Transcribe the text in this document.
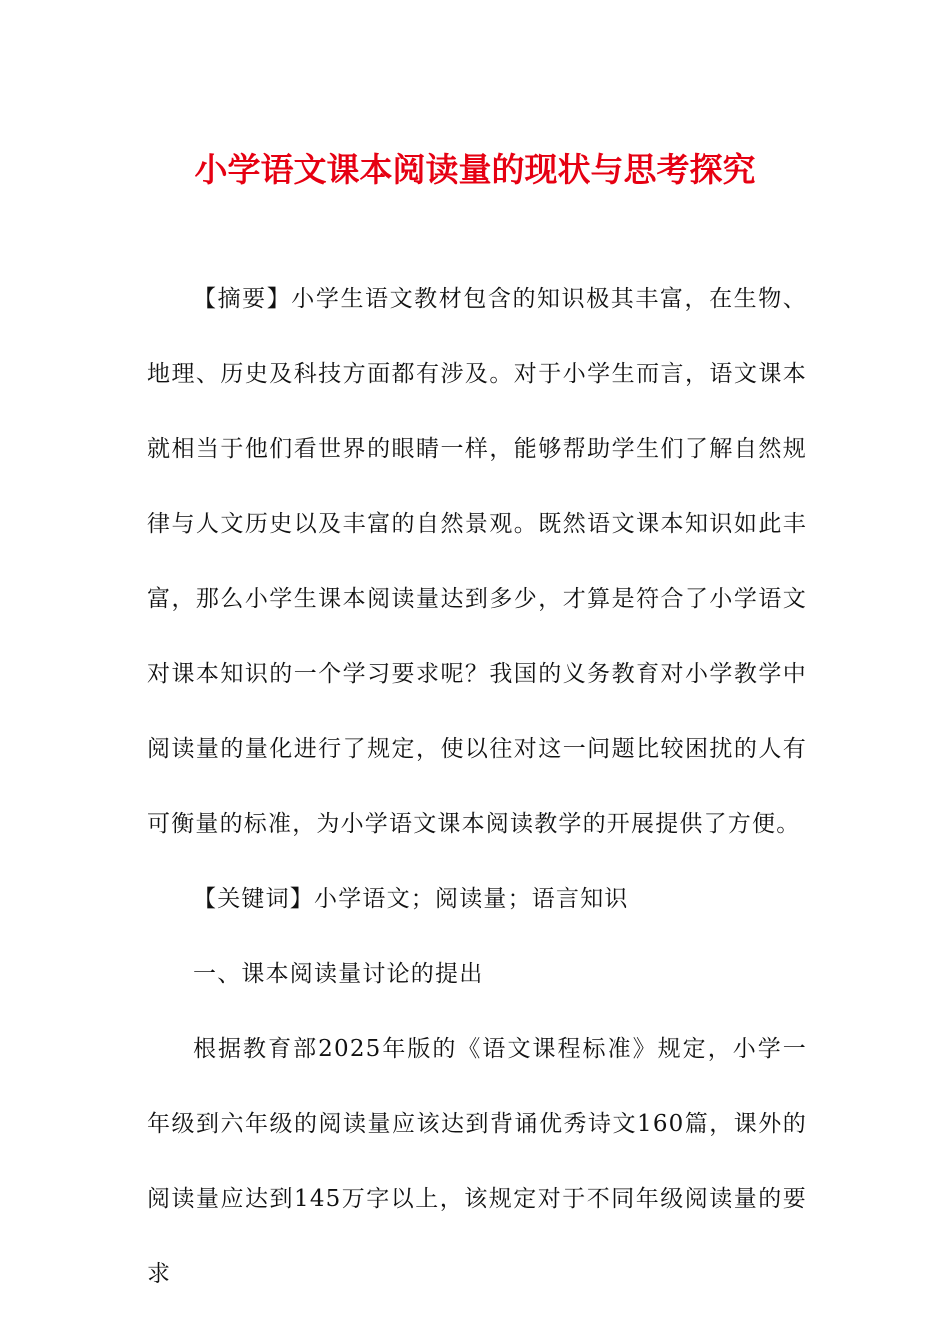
小学语文课本阅读量的现状与思考探究

【摘要】小学生语文教材包含的知识极其丰富，在生物、地理、历史及科技方面都有涉及。对于小学生而言，语文课本就相当于他们看世界的眼睛一样，能够帮助学生们了解自然规律与人文历史以及丰富的自然景观。既然语文课本知识如此丰富，那么小学生课本阅读量达到多少，才算是符合了小学语文对课本知识的一个学习要求呢？我国的义务教育对小学教学中阅读量的量化进行了规定，使以往对这一问题比较困扰的人有可衡量的标准，为小学语文课本阅读教学的开展提供了方便。

【关键词】小学语文；阅读量；语言知识

一、课本阅读量讨论的提出

根据教育部2025年版的《语文课程标准》规定，小学一年级到六年级的阅读量应该达到背诵优秀诗文160篇，课外的阅读量应达到145万字以上，该规定对于不同年级阅读量的要求
